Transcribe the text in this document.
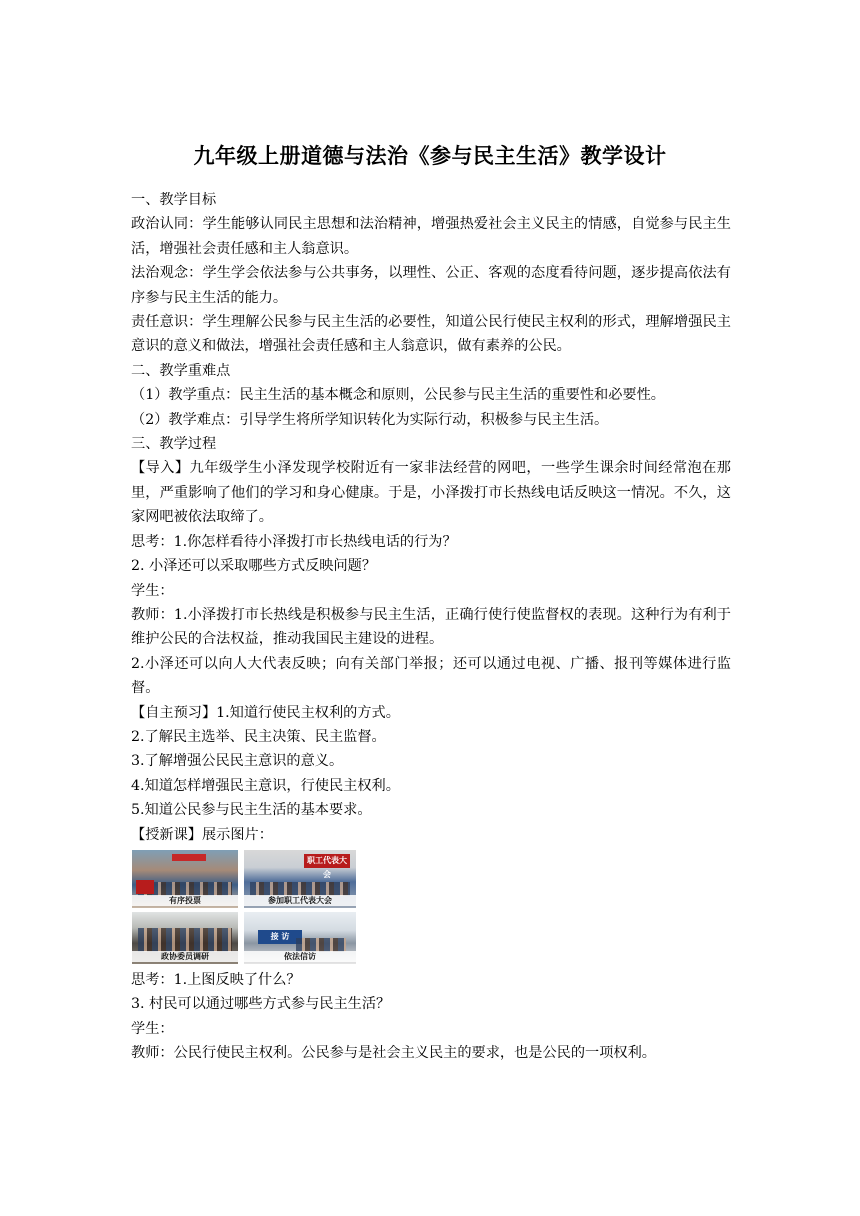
九年级上册道德与法治《参与民主生活》教学设计

一、教学目标

政治认同：学生能够认同民主思想和法治精神，增强热爱社会主义民主的情感，自觉参与民主生活，增强社会责任感和主人翁意识。

法治观念：学生学会依法参与公共事务，以理性、公正、客观的态度看待问题，逐步提高依法有序参与民主生活的能力。

责任意识：学生理解公民参与民主生活的必要性，知道公民行使民主权利的形式，理解增强民主意识的意义和做法，增强社会责任感和主人翁意识，做有素养的公民。

二、教学重难点

（1）教学重点：民主生活的基本概念和原则，公民参与民主生活的重要性和必要性。

（2）教学难点：引导学生将所学知识转化为实际行动，积极参与民主生活。

三、教学过程

【导入】九年级学生小泽发现学校附近有一家非法经营的网吧，一些学生课余时间经常泡在那里，严重影响了他们的学习和身心健康。于是，小泽拨打市长热线电话反映这一情况。不久，这家网吧被依法取缔了。

思考：1.你怎样看待小泽拨打市长热线电话的行为？

2. 小泽还可以采取哪些方式反映问题？

学生：

教师：1.小泽拨打市长热线是积极参与民主生活，正确行使行使监督权的表现。这种行为有利于维护公民的合法权益，推动我国民主建设的进程。

2.小泽还可以向人大代表反映；向有关部门举报；还可以通过电视、广播、报刊等媒体进行监督。

【自主预习】1.知道行使民主权利的方式。

2.了解民主选举、民主决策、民主监督。

3.了解增强公民民主意识的意义。

4.知道怎样增强民主意识，行使民主权利。

5.知道公民参与民主生活的基本要求。

【授新课】展示图片：

有序投票
职工代表大会
参加职工代表大会
政协委员调研
接 访
依法信访

思考：1.上图反映了什么？

3. 村民可以通过哪些方式参与民主生活？

学生：

教师：公民行使民主权利。公民参与是社会主义民主的要求，也是公民的一项权利。
